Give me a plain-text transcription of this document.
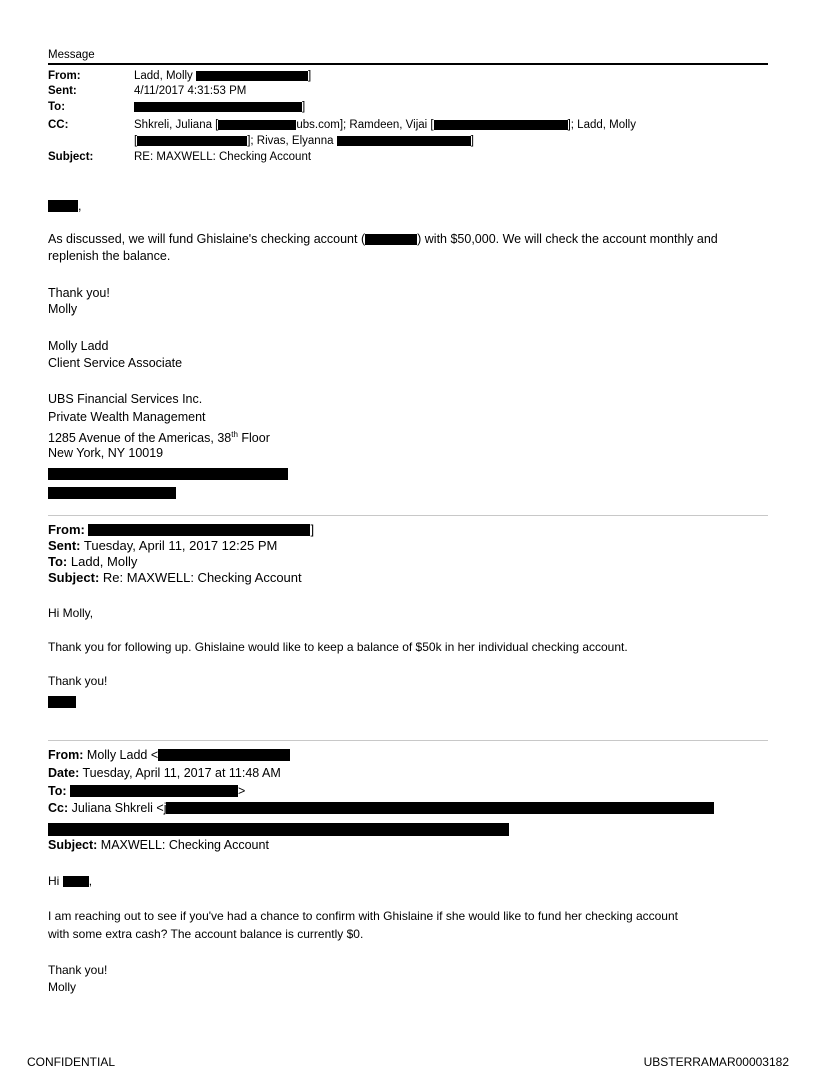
Message
From:	Ladd, Molly	]
Sent:	4/11/2017 4:31:53 PM
To:	]
CC:	Shkreli, Juliana [	ubs.com]; Ramdeen, Vijai [	]; Ladd, Molly
[	]; Rivas, Elyanna	]
Subject:	RE: MAXWELL: Checking Account
,
As discussed, we will fund Ghislaine's checking account (	) with $50,000. We will check the account monthly and
replenish the balance.
Thank you!
Molly
Molly Ladd
Client Service Associate
UBS Financial Services Inc.
Private Wealth Management
1285 Avenue of the Americas, 38th Floor
New York, NY 10019
From:	]
Sent: Tuesday, April 11, 2017 12:25 PM
To: Ladd, Molly
Subject: Re: MAXWELL: Checking Account
Hi Molly,
Thank you for following up. Ghislaine would like to keep a balance of $50k in her individual checking account.
Thank you!
From: Molly Ladd <
Date: Tuesday, April 11, 2017 at 11:48 AM
To:	>
Cc: Juliana Shkreli <j
Subject: MAXWELL: Checking Account
Hi ,
I am reaching out to see if you've had a chance to confirm with Ghislaine if she would like to fund her checking account
with some extra cash? The account balance is currently $0.
Thank you!
Molly
CONFIDENTIAL	UBSTERRAMAR00003182
